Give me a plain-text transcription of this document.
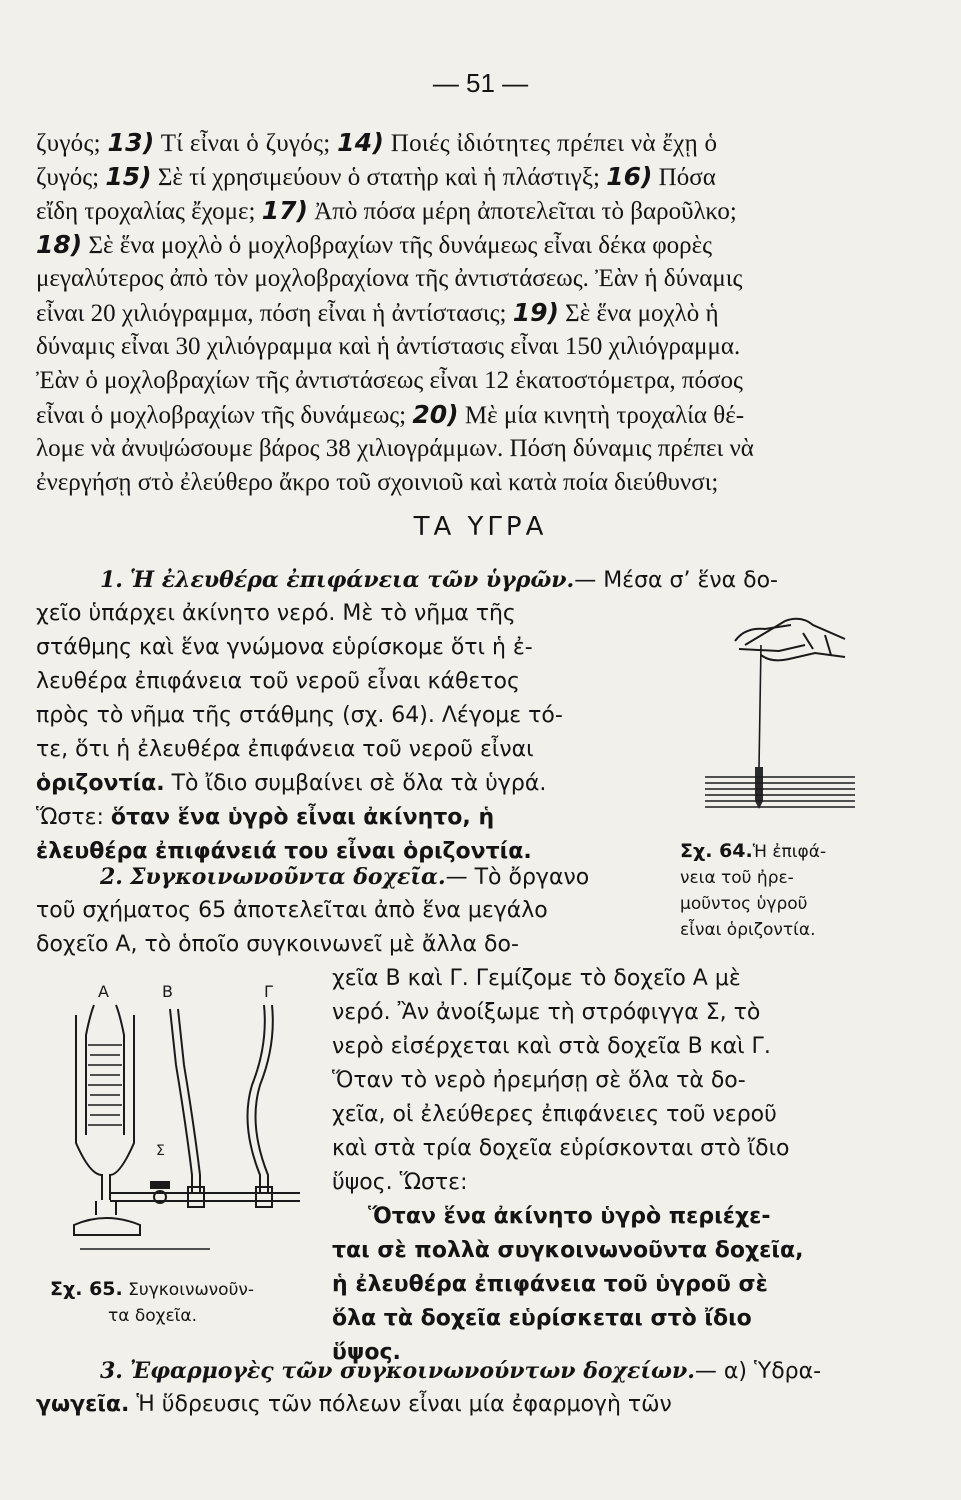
— 51 —
ζυγός; 13) Τί εἶναι ὁ ζυγός; 14) Ποιές ἰδιότητες πρέπει νὰ ἔχῃ ὁ
ζυγός; 15) Σὲ τί χρησιμεύουν ὁ στατὴρ καὶ ἡ πλάστιγξ; 16) Πόσα
εἴδη τροχαλίας ἔχομε; 17) Ἀπὸ πόσα μέρη ἀποτελεῖται τὸ βαροῦλκο;
18) Σὲ ἕνα μοχλὸ ὁ μοχλοβραχίων τῆς δυνάμεως εἶναι δέκα φορὲς
μεγαλύτερος ἀπὸ τὸν μοχλοβραχίονα τῆς ἀντιστάσεως. Ἐὰν ἡ δύναμις
εἶναι 20 χιλιόγραμμα, πόση εἶναι ἡ ἀντίστασις; 19) Σὲ ἕνα μοχλὸ ἡ
δύναμις εἶναι 30 χιλιόγραμμα καὶ ἡ ἀντίστασις εἶναι 150 χιλιόγραμμα.
Ἐὰν ὁ μοχλοβραχίων τῆς ἀντιστάσεως εἶναι 12 ἑκατοστόμετρα, πόσος
εἶναι ὁ μοχλοβραχίων τῆς δυνάμεως; 20) Μὲ μία κινητὴ τροχαλία θέ-
λομε νὰ ἀνυψώσουμε βάρος 38 χιλιογράμμων. Πόση δύναμις πρέπει νὰ
ἐνεργήσῃ στὸ ἐλεύθερο ἄκρο τοῦ σχοινιοῦ καὶ κατὰ ποία διεύθυνσι;
ΤΑ ΥΓΡΑ
1. Ἡ ἐλευθέρα ἐπιφάνεια τῶν ὑγρῶν.— Μέσα σ’ ἕνα δο-
χεῖο ὑπάρχει ἀκίνητο νερό. Μὲ τὸ νῆμα τῆς
στάθμης καὶ ἕνα γνώμονα εὑρίσκομε ὅτι ἡ ἐ-
λευθέρα ἐπιφάνεια τοῦ νεροῦ εἶναι κάθετος
πρὸς τὸ νῆμα τῆς στάθμης (σχ. 64). Λέγομε τό-
τε, ὅτι ἡ ἐλευθέρα ἐπιφάνεια τοῦ νεροῦ εἶναι
ὁριζοντία. Τὸ ἴδιο συμβαίνει σὲ ὅλα τὰ ὑγρά.
Ὥστε: ὅταν ἕνα ὑγρὸ εἶναι ἀκίνητο, ἡ
ἐλευθέρα ἐπιφάνειά του εἶναι ὁριζοντία.	Σχ. 64.Ἡ ἐπιφά-
νεια τοῦ ἠρε-
μοῦντος ὑγροῦ
εἶναι ὁριζοντία.
2. Συγκοινωνοῦντα δοχεῖα.— Τὸ ὄργανο
τοῦ σχήματος 65 ἀποτελεῖται ἀπὸ ἕνα μεγάλο
δοχεῖο Α, τὸ ὁποῖο συγκοινωνεῖ μὲ ἄλλα δο-
χεῖα Β καὶ Γ. Γεμίζομε τὸ δοχεῖο Α μὲ
νερό. Ἂν ἀνοίξωμε τὴ στρόφιγγα Σ, τὸ
νερὸ εἰσέρχεται καὶ στὰ δοχεῖα Β καὶ Γ.
Ὅταν τὸ νερὸ ἠρεμήσῃ σὲ ὅλα τὰ δο-
χεῖα, οἱ ἐλεύθερες ἐπιφάνειες τοῦ νεροῦ
καὶ στὰ τρία δοχεῖα εὑρίσκονται στὸ ἴδιο
ὕψος. Ὥστε:
Ὅταν ἕνα ἀκίνητο ὑγρὸ περιέχε-
ται σὲ πολλὰ συγκοινωνοῦντα δοχεῖα,
ἡ ἐλευθέρα ἐπιφάνεια τοῦ ὑγροῦ σὲ
ὅλα τὰ δοχεῖα εὑρίσκεται στὸ ἴδιο
ὕψος.
Α	Β	Γ
Σ
Σχ. 65. Συγκοινωνοῦν-
τα δοχεῖα.
3. Ἐφαρμογὲς τῶν συγκοινωνούντων δοχείων.— α) Ὑδρα-
γωγεῖα. Ἡ ὕδρευσις τῶν πόλεων εἶναι μία ἐφαρμογὴ τῶν
